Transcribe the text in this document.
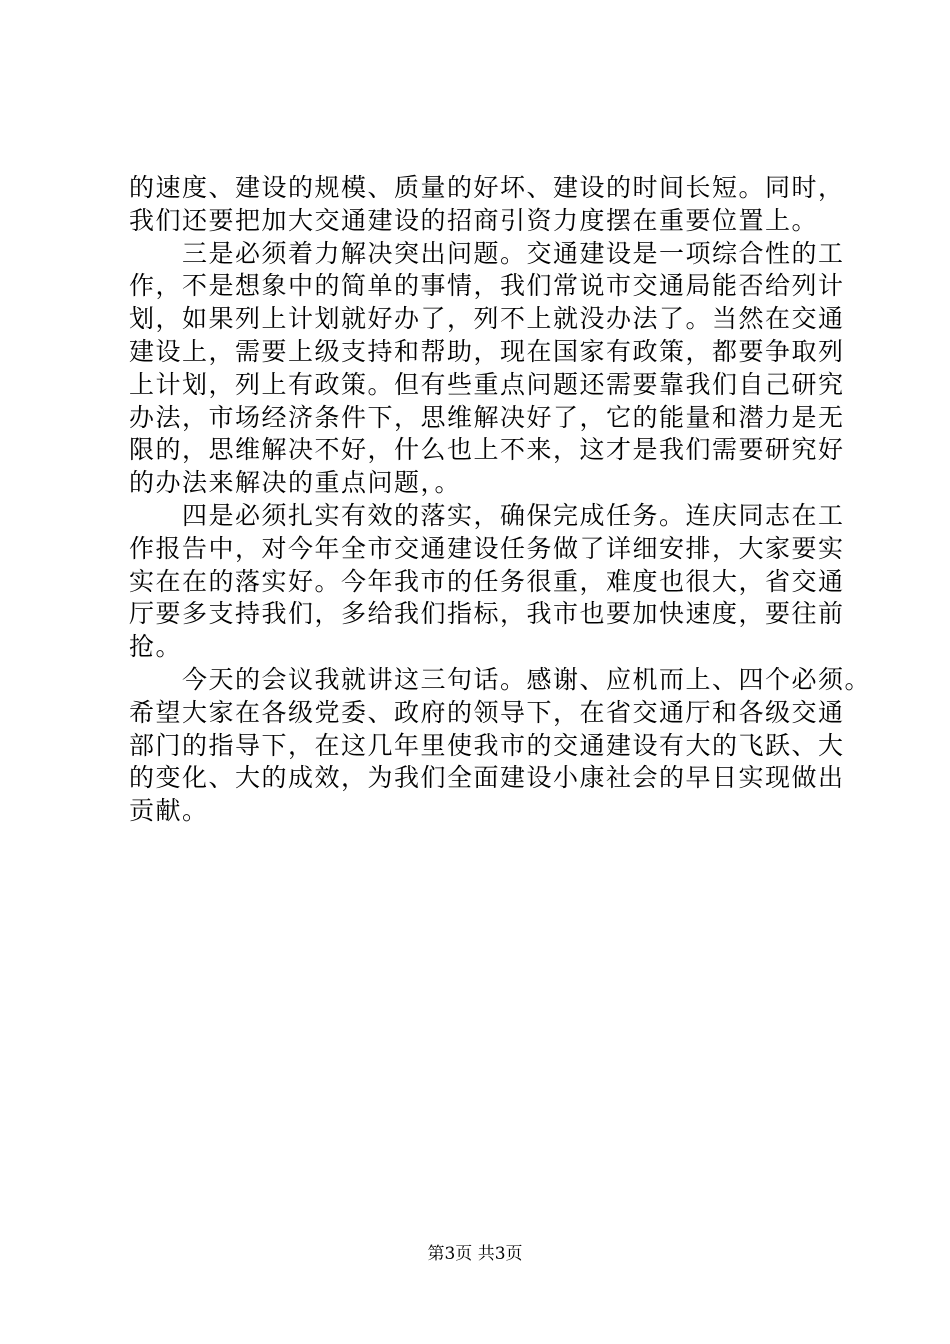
的速度、建设的规模、质量的好坏、建设的时间长短。同时，
我们还要把加大交通建设的招商引资力度摆在重要位置上。
三是必须着力解决突出问题。交通建设是一项综合性的工
作，不是想象中的简单的事情，我们常说市交通局能否给列计
划，如果列上计划就好办了，列不上就没办法了。当然在交通
建设上，需要上级支持和帮助，现在国家有政策，都要争取列
上计划，列上有政策。但有些重点问题还需要靠我们自己研究
办法，市场经济条件下，思维解决好了，它的能量和潜力是无
限的，思维解决不好，什么也上不来，这才是我们需要研究好
的办法来解决的重点问题，。
四是必须扎实有效的落实，确保完成任务。连庆同志在工
作报告中，对今年全市交通建设任务做了详细安排，大家要实
实在在的落实好。今年我市的任务很重，难度也很大，省交通
厅要多支持我们，多给我们指标，我市也要加快速度，要往前
抢。
今天的会议我就讲这三句话。感谢、应机而上、四个必须。
希望大家在各级党委、政府的领导下，在省交通厅和各级交通
部门的指导下，在这几年里使我市的交通建设有大的飞跃、大
的变化、大的成效，为我们全面建设小康社会的早日实现做出
贡献。
第3页 共3页
